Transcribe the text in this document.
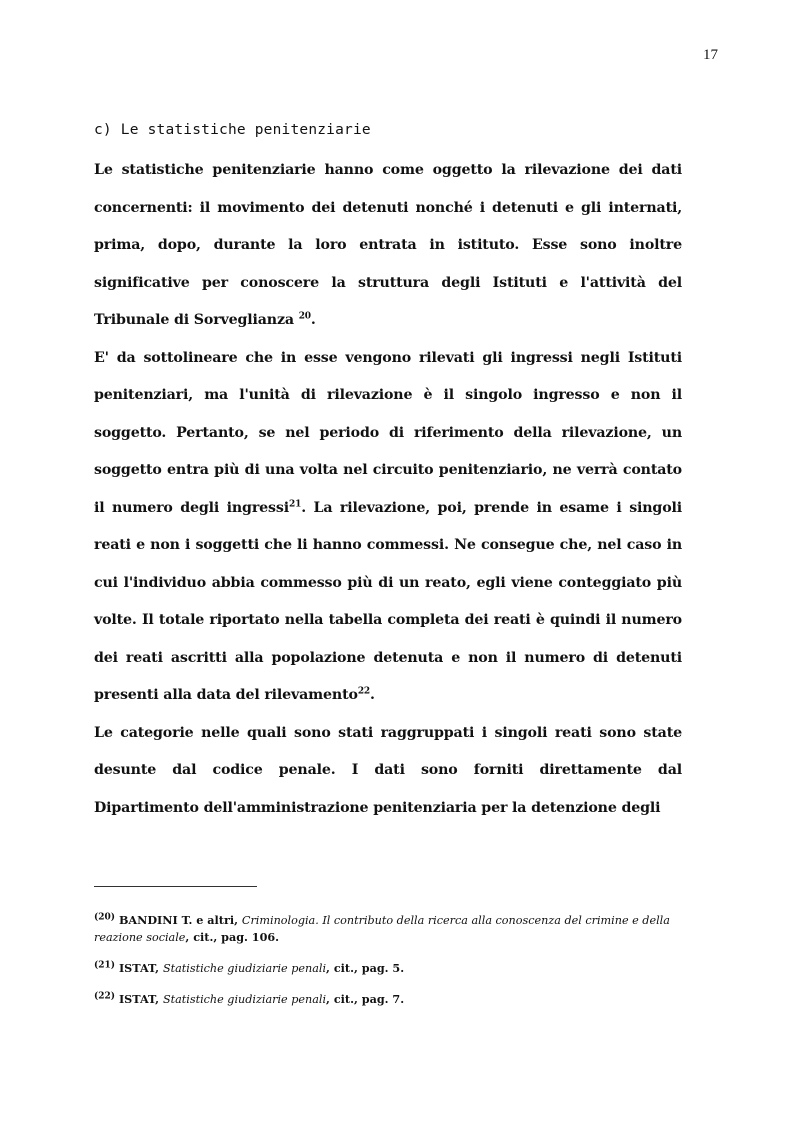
17
c) Le statistiche penitenziarie

Le statistiche penitenziarie hanno come oggetto la rilevazione dei dati concernenti: il movimento dei detenuti nonché i detenuti e gli internati, prima, dopo, durante la loro entrata in istituto. Esse sono inoltre significative per conoscere la struttura degli Istituti e l'attività del Tribunale di Sorveglianza $^{20}$.

E' da sottolineare che in esse vengono rilevati gli ingressi negli Istituti penitenziari, ma l'unità di rilevazione è il singolo ingresso e non il soggetto. Pertanto, se nel periodo di riferimento della rilevazione, un soggetto entra più di una volta nel circuito penitenziario, ne verrà contato il numero degli ingressi$^{21}$. La rilevazione, poi, prende in esame i singoli reati e non i soggetti che li hanno commessi. Ne consegue che, nel caso in cui l'individuo abbia commesso più di un reato, egli viene conteggiato più volte. Il totale riportato nella tabella completa dei reati è quindi il numero dei reati ascritti alla popolazione detenuta e non il numero di detenuti presenti alla data del rilevamento$^{22}$.

Le categorie nelle quali sono stati raggruppati i singoli reati sono state desunte dal codice penale. I dati sono forniti direttamente dal Dipartimento dell'amministrazione penitenziaria per la detenzione degli

$^{(20)}$ BANDINI T. e altri, Criminologia. Il contributo della ricerca alla conoscenza del crimine e della reazione sociale, cit., pag. 106.
$^{(21)}$ ISTAT, Statistiche giudiziarie penali, cit., pag. 5.
$^{(22)}$ ISTAT, Statistiche giudiziarie penali, cit., pag. 7.
